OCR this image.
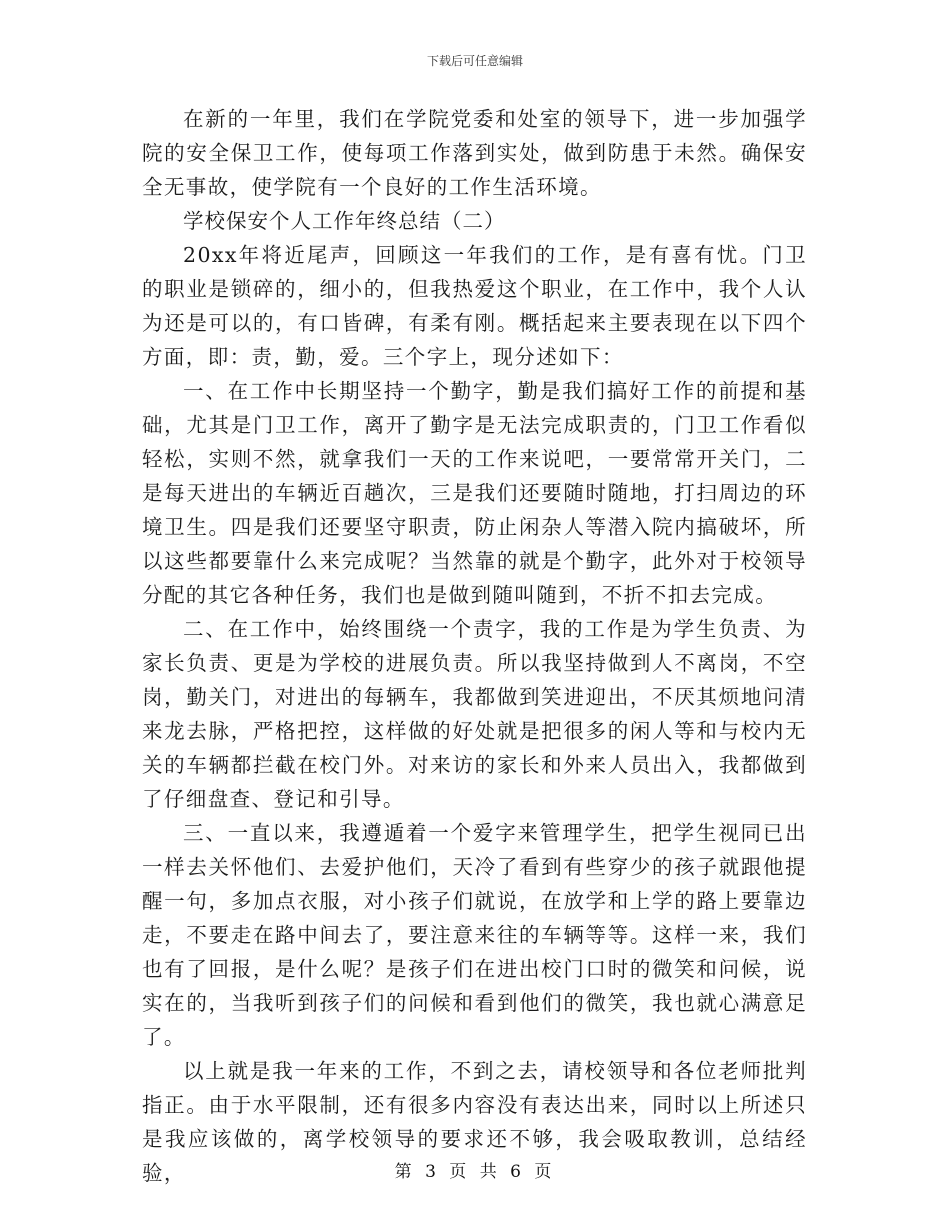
下载后可任意编辑

在新的一年里，我们在学院党委和处室的领导下，进一步加强学院的安全保卫工作，使每项工作落到实处，做到防患于未然。确保安全无事故，使学院有一个良好的工作生活环境。

学校保安个人工作年终总结（二）

20xx年将近尾声，回顾这一年我们的工作，是有喜有忧。门卫的职业是锁碎的，细小的，但我热爱这个职业，在工作中，我个人认为还是可以的，有口皆碑，有柔有刚。概括起来主要表现在以下四个方面，即：责，勤，爱。三个字上，现分述如下：

一、在工作中长期坚持一个勤字，勤是我们搞好工作的前提和基础，尤其是门卫工作，离开了勤字是无法完成职责的，门卫工作看似轻松，实则不然，就拿我们一天的工作来说吧，一要常常开关门，二是每天进出的车辆近百趟次，三是我们还要随时随地，打扫周边的环境卫生。四是我们还要坚守职责，防止闲杂人等潜入院内搞破坏，所以这些都要靠什么来完成呢？当然靠的就是个勤字，此外对于校领导分配的其它各种任务，我们也是做到随叫随到，不折不扣去完成。

二、在工作中，始终围绕一个责字，我的工作是为学生负责、为家长负责、更是为学校的进展负责。所以我坚持做到人不离岗，不空岗，勤关门，对进出的每辆车，我都做到笑进迎出，不厌其烦地问清来龙去脉，严格把控，这样做的好处就是把很多的闲人等和与校内无关的车辆都拦截在校门外。对来访的家长和外来人员出入，我都做到了仔细盘查、登记和引导。

三、一直以来，我遵遁着一个爱字来管理学生，把学生视同已出一样去关怀他们、去爱护他们，天冷了看到有些穿少的孩子就跟他提醒一句，多加点衣服，对小孩子们就说，在放学和上学的路上要靠边走，不要走在路中间去了，要注意来往的车辆等等。这样一来，我们也有了回报，是什么呢？是孩子们在进出校门口时的微笑和问候，说实在的，当我听到孩子们的问候和看到他们的微笑，我也就心满意足了。

以上就是我一年来的工作，不到之去，请校领导和各位老师批判指正。由于水平限制，还有很多内容没有表达出来，同时以上所述只是我应该做的，离学校领导的要求还不够，我会吸取教训，总结经验，	第 3 页 共 6 页
